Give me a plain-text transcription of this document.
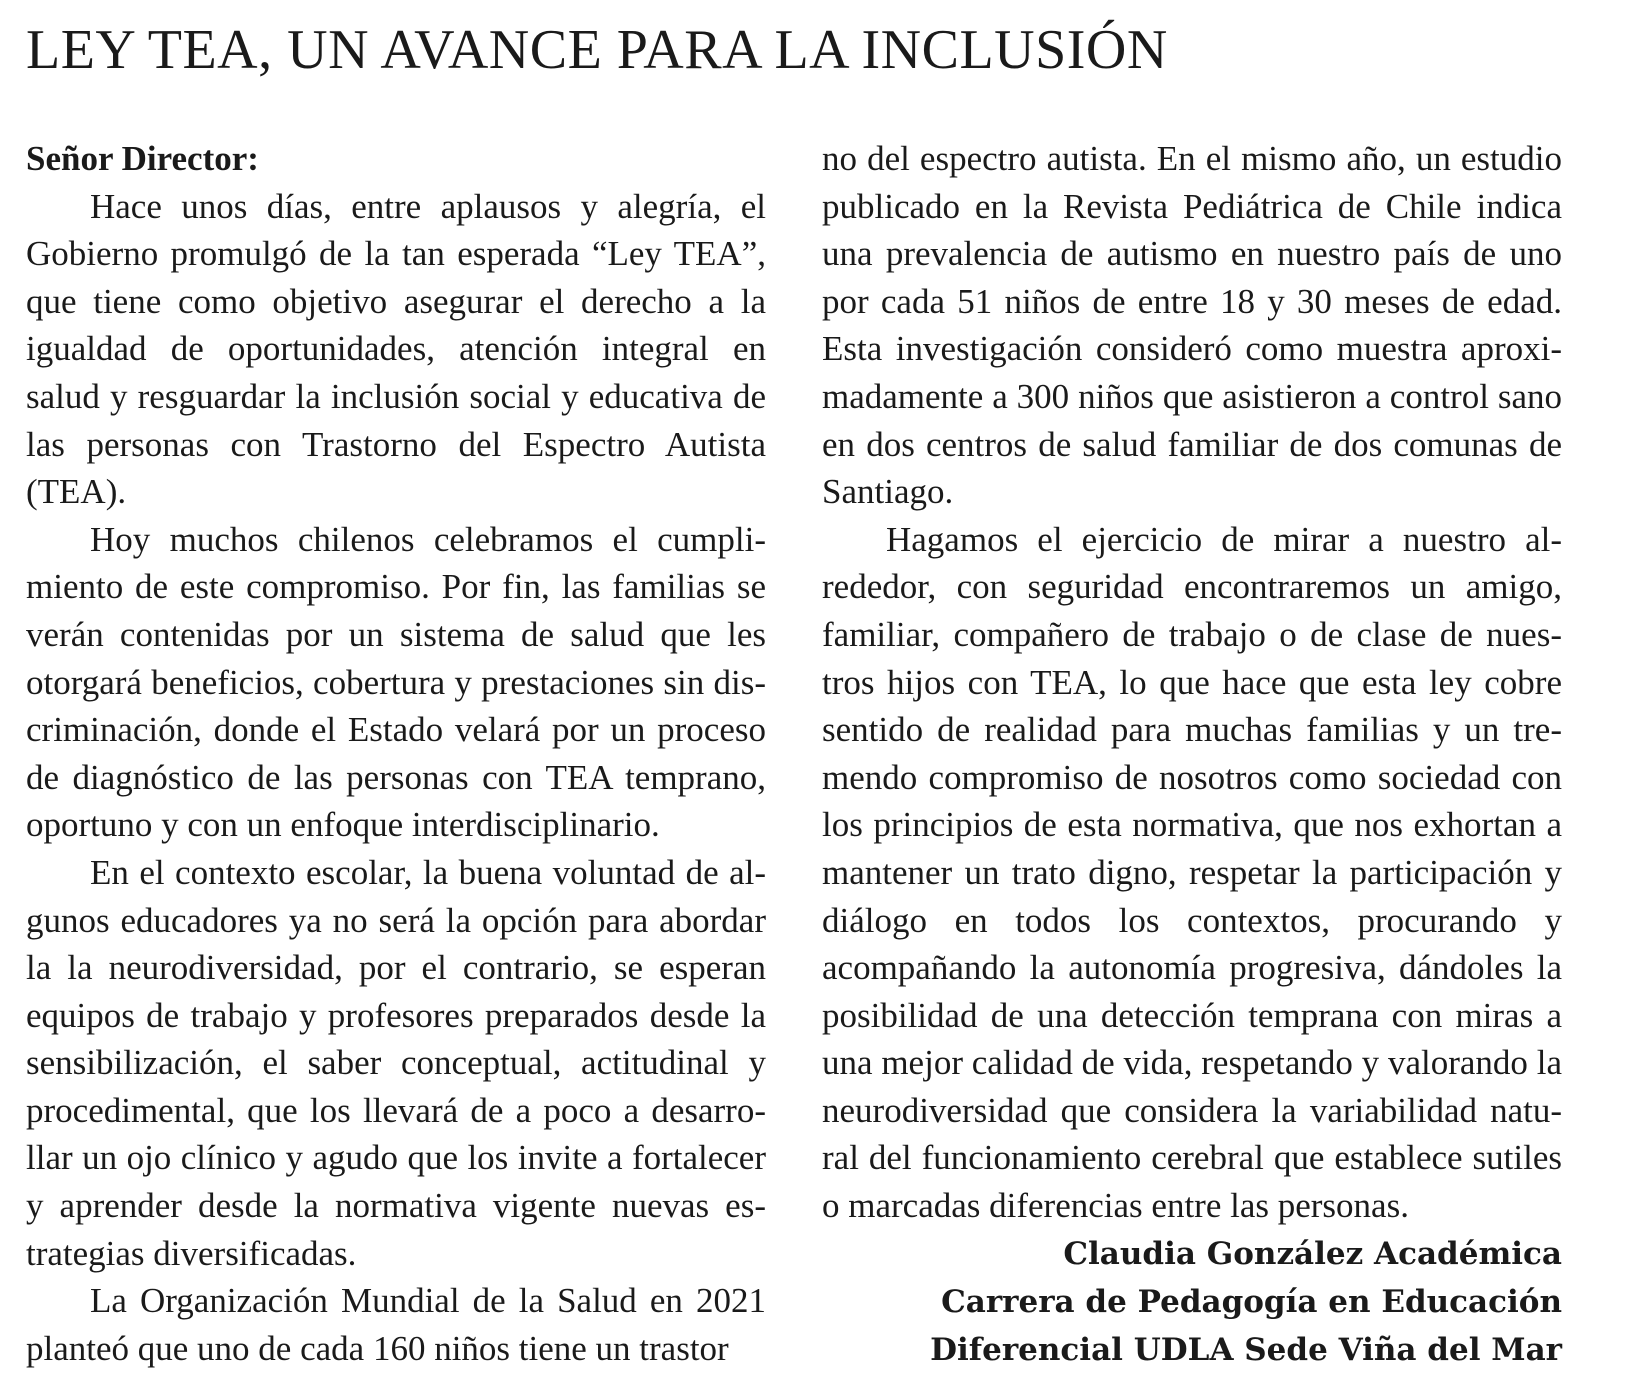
LEY TEA, UN AVANCE PARA LA INCLUSIÓN

Señor Director:

Hace unos días, entre aplausos y alegría, el Gobierno promulgó de la tan esperada “Ley TEA”, que tiene como objetivo asegurar el derecho a la igualdad de oportunidades, atención integral en salud y resguardar la inclusión social y educativa de las personas con Trastorno del Espectro Autista (TEA).

Hoy muchos chilenos celebramos el cumplimiento de este compromiso. Por fin, las familias se verán contenidas por un sistema de salud que les otorgará beneficios, cobertura y prestaciones sin discriminación, donde el Estado velará por un proceso de diagnóstico de las personas con TEA temprano, oportuno y con un enfoque interdisciplinario.

En el contexto escolar, la buena voluntad de algunos educadores ya no será la opción para abordar la la neurodiversidad, por el contrario, se esperan equipos de trabajo y profesores preparados desde la sensibilización, el saber conceptual, actitudinal y procedimental, que los llevará de a poco a desarrollar un ojo clínico y agudo que los invite a fortalecer y aprender desde la normativa vigente nuevas estrategias diversificadas.

La Organización Mundial de la Salud en 2021 planteó que uno de cada 160 niños tiene un trastor

no del espectro autista. En el mismo año, un estudio publicado en la Revista Pediátrica de Chile indica una prevalencia de autismo en nuestro país de uno por cada 51 niños de entre 18 y 30 meses de edad. Esta investigación consideró como muestra aproximadamente a 300 niños que asistieron a control sano en dos centros de salud familiar de dos comunas de Santiago.

Hagamos el ejercicio de mirar a nuestro alrededor, con seguridad encontraremos un amigo, familiar, compañero de trabajo o de clase de nuestros hijos con TEA, lo que hace que esta ley cobre sentido de realidad para muchas familias y un tremendo compromiso de nosotros como sociedad con los principios de esta normativa, que nos exhortan a mantener un trato digno, respetar la participación y diálogo en todos los contextos, procurando y acompañando la autonomía progresiva, dándoles la posibilidad de una detección temprana con miras a una mejor calidad de vida, respetando y valorando la neurodiversidad que considera la variabilidad natural del funcionamiento cerebral que establece sutiles o marcadas diferencias entre las personas.

Claudia González Académica
Carrera de Pedagogía en Educación
Diferencial UDLA Sede Viña del Mar
